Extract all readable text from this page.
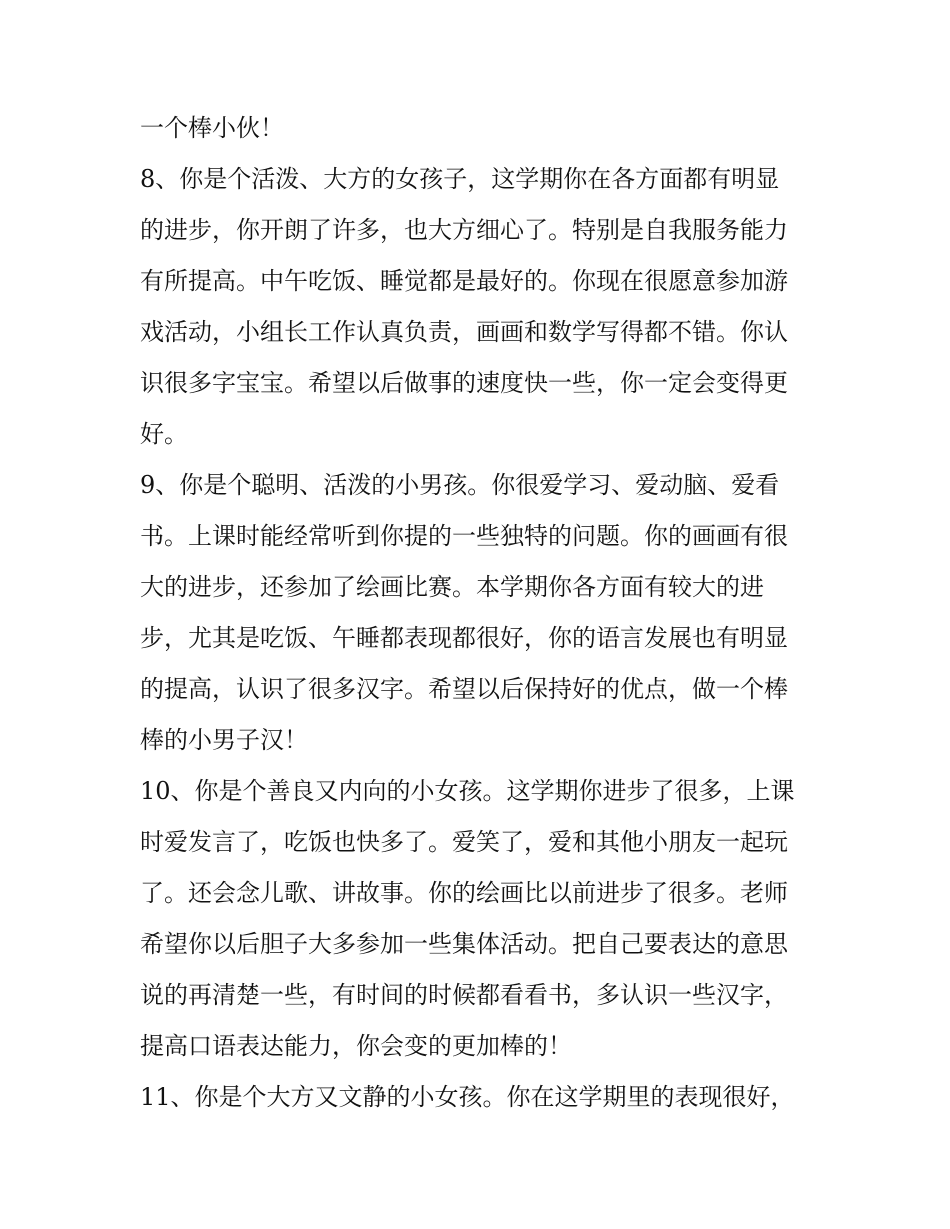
一个棒小伙！
8、你是个活泼、大方的女孩子，这学期你在各方面都有明显
的进步，你开朗了许多，也大方细心了。特别是自我服务能力
有所提高。中午吃饭、睡觉都是最好的。你现在很愿意参加游
戏活动，小组长工作认真负责，画画和数学写得都不错。你认
识很多字宝宝。希望以后做事的速度快一些，你一定会变得更
好。
9、你是个聪明、活泼的小男孩。你很爱学习、爱动脑、爱看
书。上课时能经常听到你提的一些独特的问题。你的画画有很
大的进步，还参加了绘画比赛。本学期你各方面有较大的进
步，尤其是吃饭、午睡都表现都很好，你的语言发展也有明显
的提高，认识了很多汉字。希望以后保持好的优点，做一个棒
棒的小男子汉！
10、你是个善良又内向的小女孩。这学期你进步了很多，上课
时爱发言了，吃饭也快多了。爱笑了，爱和其他小朋友一起玩
了。还会念儿歌、讲故事。你的绘画比以前进步了很多。老师
希望你以后胆子大多参加一些集体活动。把自己要表达的意思
说的再清楚一些，有时间的时候都看看书，多认识一些汉字，
提高口语表达能力，你会变的更加棒的！
11、你是个大方又文静的小女孩。你在这学期里的表现很好，
